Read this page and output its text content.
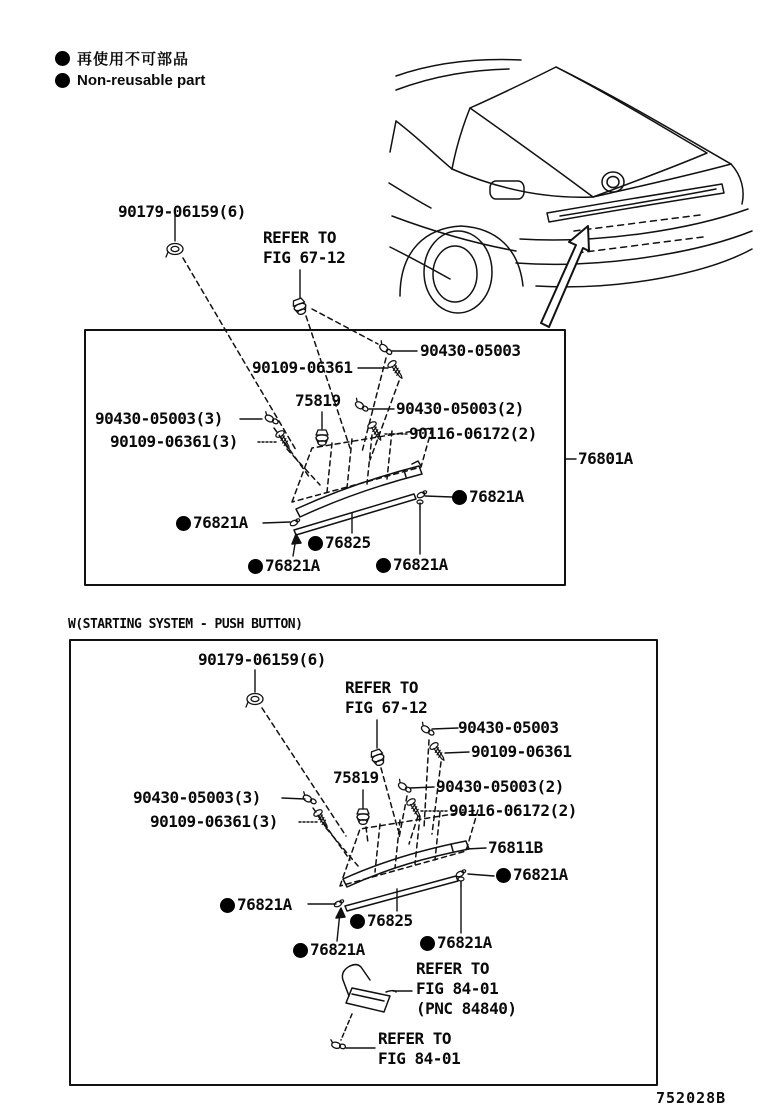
再使用不可部品
Non-reusable part
90179-06159(6)
REFER TO
FIG 67-12
90430-05003
90109-06361
75819	90430-05003(2)
90116-06172(2)
90430-05003(3)
90109-06361(3)
76801A
76821A
76821A
76825
76821A	76821A
W(STARTING SYSTEM - PUSH BUTTON)
90179-06159(6)
REFER TO
FIG 67-12
90430-05003
90109-06361
75819	90430-05003(2)
90116-06172(2)
90430-05003(3)
90109-06361(3)
76811B
76821A
76821A
76825
76821A	76821A
REFER TO
FIG 84-01
(PNC 84840)
REFER TO
FIG 84-01
752028B
